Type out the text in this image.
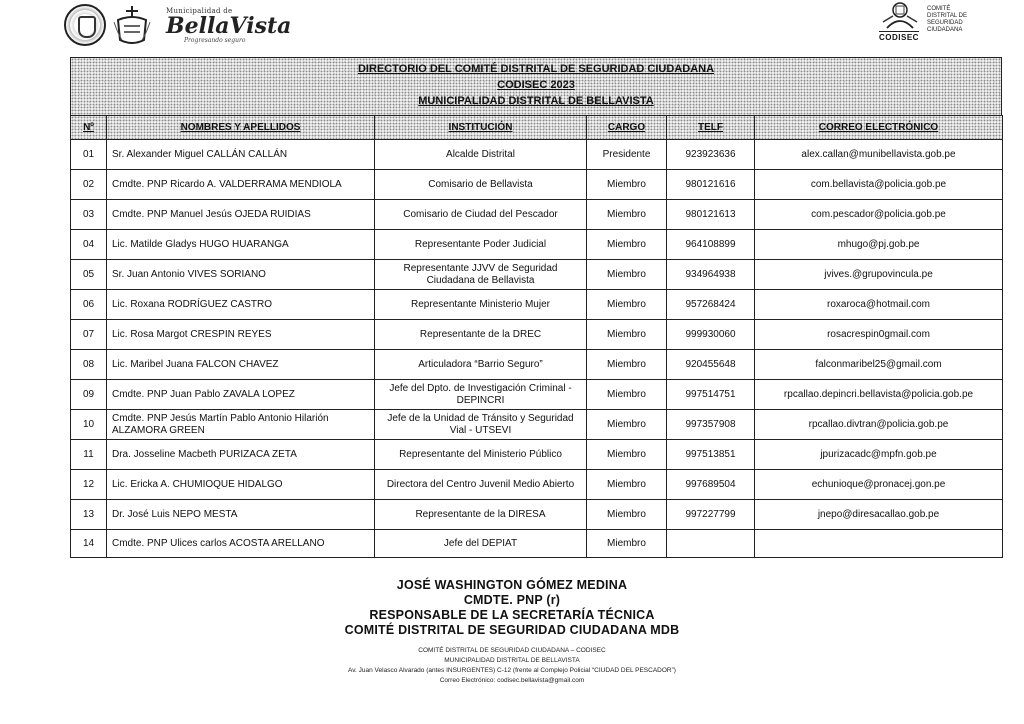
Municipalidad de
BellaVista
Progresando seguro	CODISEC
COMITÉ
DISTRITAL DE
SEGURIDAD
CIUDADANA
DIRECTORIO DEL COMITÉ DISTRITAL DE SEGURIDAD CIUDADANA
CODISEC 2023
MUNICIPALIDAD DISTRITAL DE BELLAVISTA
Nº	NOMBRES Y APELLIDOS	INSTITUCIÓN	CARGO	TELF	CORREO ELECTRÓNICO
01	Sr. Alexander Miguel CALLÁN CALLÁN	Alcalde Distrital	Presidente	923923636	alex.callan@munibellavista.gob.pe
02	Cmdte. PNP Ricardo A. VALDERRAMA MENDIOLA	Comisario de Bellavista	Miembro	980121616	com.bellavista@policia.gob.pe
03	Cmdte. PNP Manuel Jesús OJEDA RUIDIAS	Comisario de Ciudad del Pescador	Miembro	980121613	com.pescador@policia.gob.pe
04	Lic. Matilde Gladys HUGO HUARANGA	Representante Poder Judicial	Miembro	964108899	mhugo@pj.gob.pe
05	Sr. Juan Antonio VIVES SORIANO	Representante JJVV de Seguridad Ciudadana de Bellavista	Miembro	934964938	jvives.@grupovincula.pe
06	Lic. Roxana RODRÍGUEZ CASTRO	Representante Ministerio Mujer	Miembro	957268424	roxaroca@hotmail.com
07	Lic. Rosa Margot CRESPIN REYES	Representante de la DREC	Miembro	999930060	rosacrespin0gmail.com
08	Lic. Maribel Juana FALCON CHAVEZ	Articuladora “Barrio Seguro”	Miembro	920455648	falconmaribel25@gmail.com
09	Cmdte. PNP Juan Pablo ZAVALA LOPEZ	Jefe del Dpto. de Investigación Criminal - DEPINCRI	Miembro	997514751	rpcallao.depincri.bellavista@policia.gob.pe
10	Cmdte. PNP Jesús Martín Pablo Antonio Hilarión ALZAMORA GREEN	Jefe de la Unidad de Tránsito y Seguridad Vial - UTSEVI	Miembro	997357908	rpcallao.divtran@policia.gob.pe
11	Dra. Josseline Macbeth PURIZACA ZETA	Representante del Ministerio Público	Miembro	997513851	jpurizacadc@mpfn.gob.pe
12	Lic. Ericka A. CHUMIOQUE HIDALGO	Directora del Centro Juvenil Medio Abierto	Miembro	997689504	echunioque@pronacej.gon.pe
13	Dr. José Luis NEPO MESTA	Representante de la DIRESA	Miembro	997227799	jnepo@diresacallao.gob.pe
14	Cmdte. PNP Ulices carlos ACOSTA ARELLANO	Jefe del DEPIAT	Miembro		
JOSÉ WASHINGTON GÓMEZ MEDINA
CMDTE. PNP (r)
RESPONSABLE DE LA SECRETARÍA TÉCNICA
COMITÉ DISTRITAL DE SEGURIDAD CIUDADANA MDB
COMITÉ DISTRITAL DE SEGURIDAD CIUDADANA – CODISEC
MUNICIPALIDAD DISTRITAL DE BELLAVISTA
Av. Juan Velasco Alvarado (antes INSURGENTES) C-12 (frente al Complejo Policial “CIUDAD DEL PESCADOR”)
Correo Electrónico: codisec.bellavista@gmail.com
